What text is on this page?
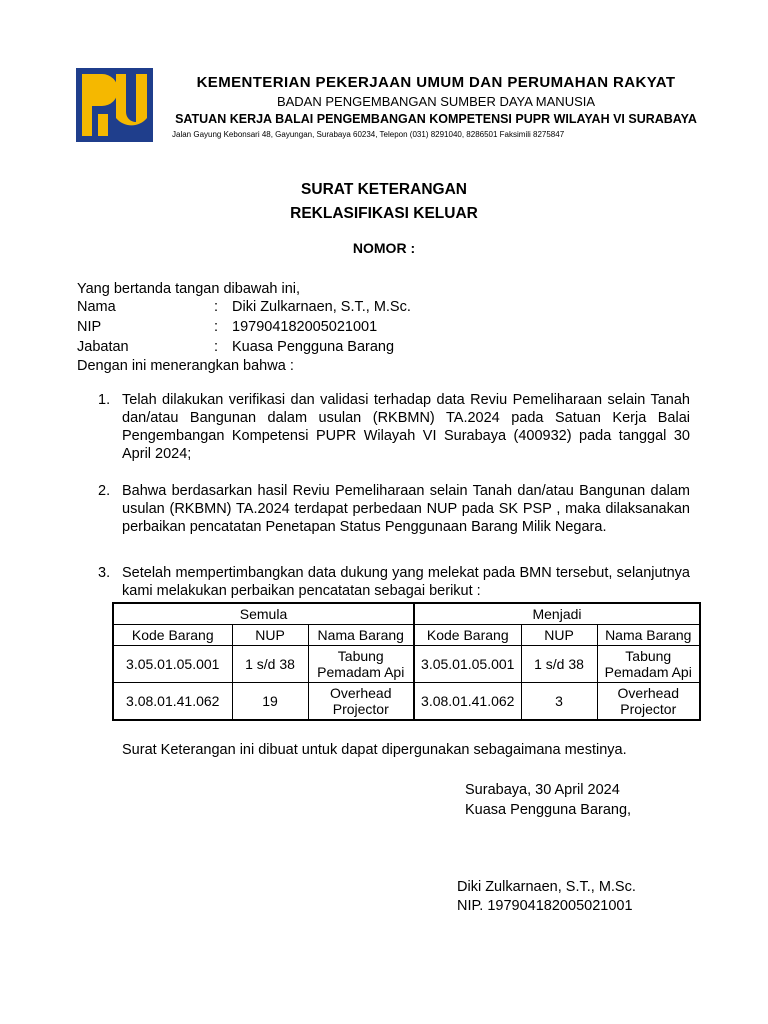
KEMENTERIAN PEKERJAAN UMUM DAN PERUMAHAN RAKYAT
BADAN PENGEMBANGAN SUMBER DAYA MANUSIA
SATUAN KERJA BALAI PENGEMBANGAN KOMPETENSI PUPR WILAYAH VI SURABAYA
Jalan Gayung Kebonsari 48, Gayungan, Surabaya 60234, Telepon (031) 8291040, 8286501 Faksimili 8275847
SURAT KETERANGAN
REKLASIFIKASI KELUAR
NOMOR :
Yang bertanda tangan dibawah ini,
Nama	: Diki Zulkarnaen, S.T., M.Sc.
NIP	: 197904182005021001
Jabatan	: Kuasa Pengguna Barang
Dengan ini menerangkan bahwa :
1. Telah dilakukan verifikasi dan validasi terhadap data Reviu Pemeliharaan selain Tanah dan/atau Bangunan dalam usulan (RKBMN) TA.2024 pada Satuan Kerja Balai Pengembangan Kompetensi PUPR Wilayah VI Surabaya (400932) pada tanggal 30 April 2024;
2. Bahwa berdasarkan hasil Reviu Pemeliharaan selain Tanah dan/atau Bangunan dalam usulan (RKBMN) TA.2024 terdapat perbedaan NUP pada SK PSP , maka dilaksanakan perbaikan pencatatan Penetapan Status Penggunaan Barang Milik Negara.
3. Setelah mempertimbangkan data dukung yang melekat pada BMN tersebut, selanjutnya kami melakukan perbaikan pencatatan sebagai berikut :
Semula			Menjadi		
Kode Barang	NUP	Nama Barang	Kode Barang	NUP	Nama Barang
3.05.01.05.001	1 s/d 38	Tabung Pemadam Api	3.05.01.05.001	1 s/d 38	Tabung Pemadam Api
3.08.01.41.062	19	Overhead Projector	3.08.01.41.062	3	Overhead Projector
Surat Keterangan ini dibuat untuk dapat dipergunakan sebagaimana mestinya.
Surabaya, 30 April 2024
Kuasa Pengguna Barang,
Diki Zulkarnaen, S.T., M.Sc.
NIP. 197904182005021001
